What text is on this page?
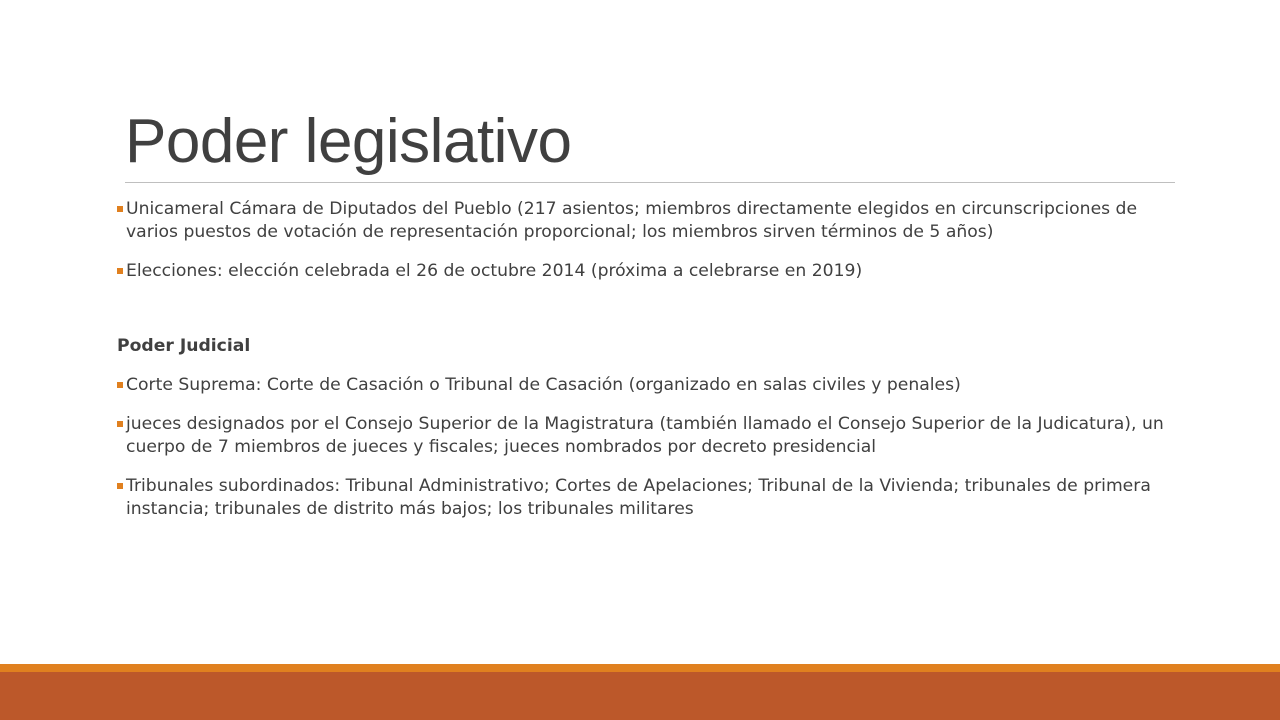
Poder legislativo
Unicameral Cámara de Diputados del Pueblo (217 asientos; miembros directamente elegidos en circunscripciones de varios puestos de votación de representación proporcional; los miembros sirven términos de 5 años)
Elecciones: elección celebrada el 26 de octubre 2014 (próxima a celebrarse en 2019)
Poder Judicial
Corte Suprema: Corte de Casación o Tribunal de Casación (organizado en salas civiles y penales)
jueces designados por el Consejo Superior de la Magistratura (también llamado el Consejo Superior de la Judicatura), un cuerpo de 7 miembros de jueces y fiscales; jueces nombrados por decreto presidencial
Tribunales subordinados: Tribunal Administrativo; Cortes de Apelaciones; Tribunal de la Vivienda; tribunales de primera instancia; tribunales de distrito más bajos; los tribunales militares
